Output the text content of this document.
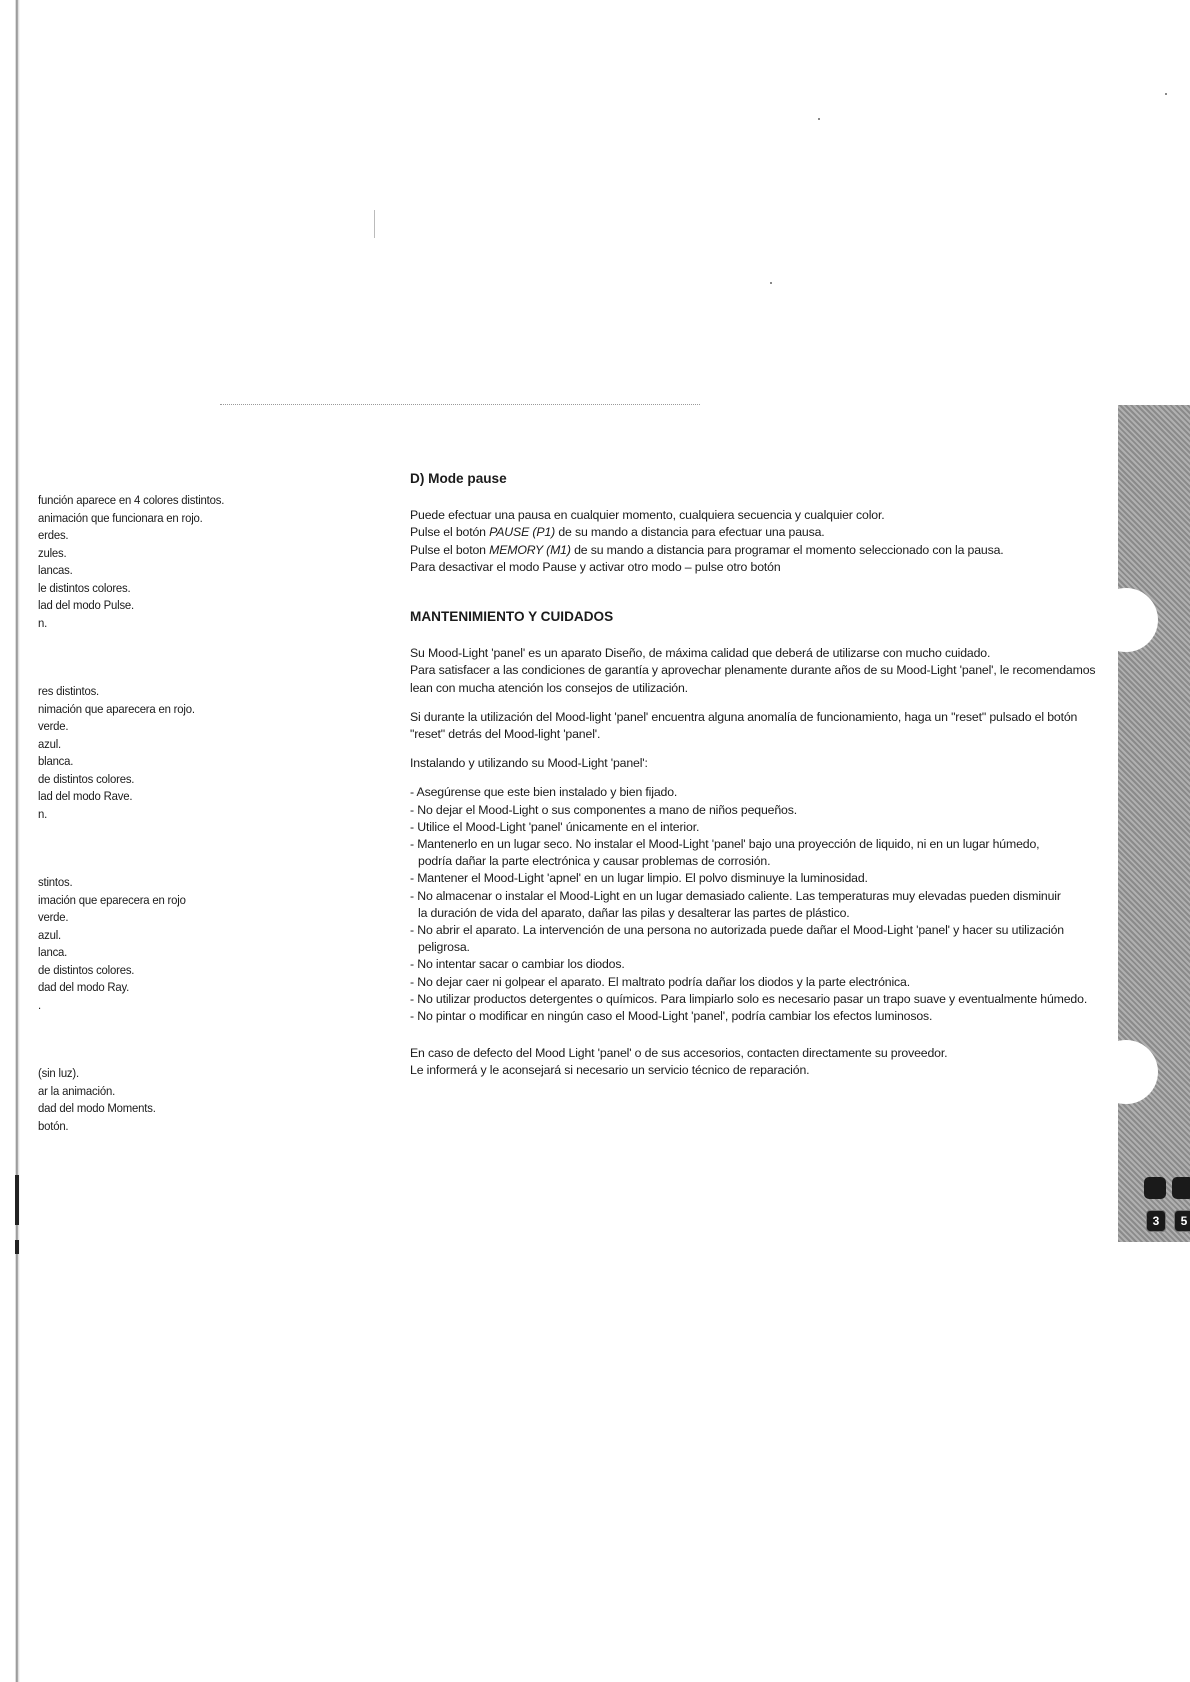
3	5
función aparece en 4 colores distintos.
animación que funcionara en rojo.
erdes.
zules.
lancas.
le distintos colores.
lad del modo Pulse.
n.
res distintos.
nimación que aparecera en rojo.
verde.
azul.
blanca.
de distintos colores.
lad del modo Rave.
n.
stintos.
imación que eparecera en rojo
verde.
azul.
lanca.
de distintos colores.
dad del modo Ray.
.
(sin luz).
ar la animación.
dad del modo Moments.
botón.
D) Mode pause
Puede efectuar una pausa en cualquier momento, cualquiera secuencia y cualquier color.
Pulse el botón PAUSE (P1) de su mando a distancia para efectuar una pausa.
Pulse el boton MEMORY (M1) de su mando a distancia para programar el momento seleccionado con la pausa.
Para desactivar el modo Pause y activar otro modo – pulse otro botón
MANTENIMIENTO Y CUIDADOS
Su Mood-Light 'panel' es un aparato Diseño, de máxima calidad que deberá de utilizarse con mucho cuidado.
Para satisfacer a las condiciones de garantía y aprovechar plenamente durante años de su Mood-Light 'panel', le recomendamos
lean con mucha atención los consejos de utilización.
Si durante la utilización del Mood-light 'panel' encuentra alguna anomalía de funcionamiento, haga un "reset" pulsado el botón
"reset" detrás del Mood-light 'panel'.
Instalando y utilizando su Mood-Light 'panel':
- Asegúrense que este bien instalado y bien fijado.
- No dejar el Mood-Light o sus componentes a mano de niños pequeños.
- Utilice el Mood-Light 'panel' únicamente en el interior.
- Mantenerlo en un lugar seco. No instalar el Mood-Light 'panel' bajo una proyección de liquido, ni en un lugar húmedo,
podría dañar la parte electrónica y causar problemas de corrosión.
- Mantener el Mood-Light 'apnel' en un lugar limpio. El polvo disminuye la luminosidad.
- No almacenar o instalar el Mood-Light en un lugar demasiado caliente. Las temperaturas muy elevadas pueden disminuir
la duración de vida del aparato, dañar las pilas y desalterar las partes de plástico.
- No abrir el aparato. La intervención de una persona no autorizada puede dañar el Mood-Light 'panel' y hacer su utilización
peligrosa.
- No intentar sacar o cambiar los diodos.
- No dejar caer ni golpear el aparato. El maltrato podría dañar los diodos y la parte electrónica.
- No utilizar productos detergentes o químicos. Para limpiarlo solo es necesario pasar un trapo suave y eventualmente húmedo.
- No pintar o modificar en ningún caso el Mood-Light 'panel', podría cambiar los efectos luminosos.
En caso de defecto del Mood Light 'panel' o de sus accesorios, contacten directamente su proveedor.
Le informerá y le aconsejará si necesario un servicio técnico de reparación.
